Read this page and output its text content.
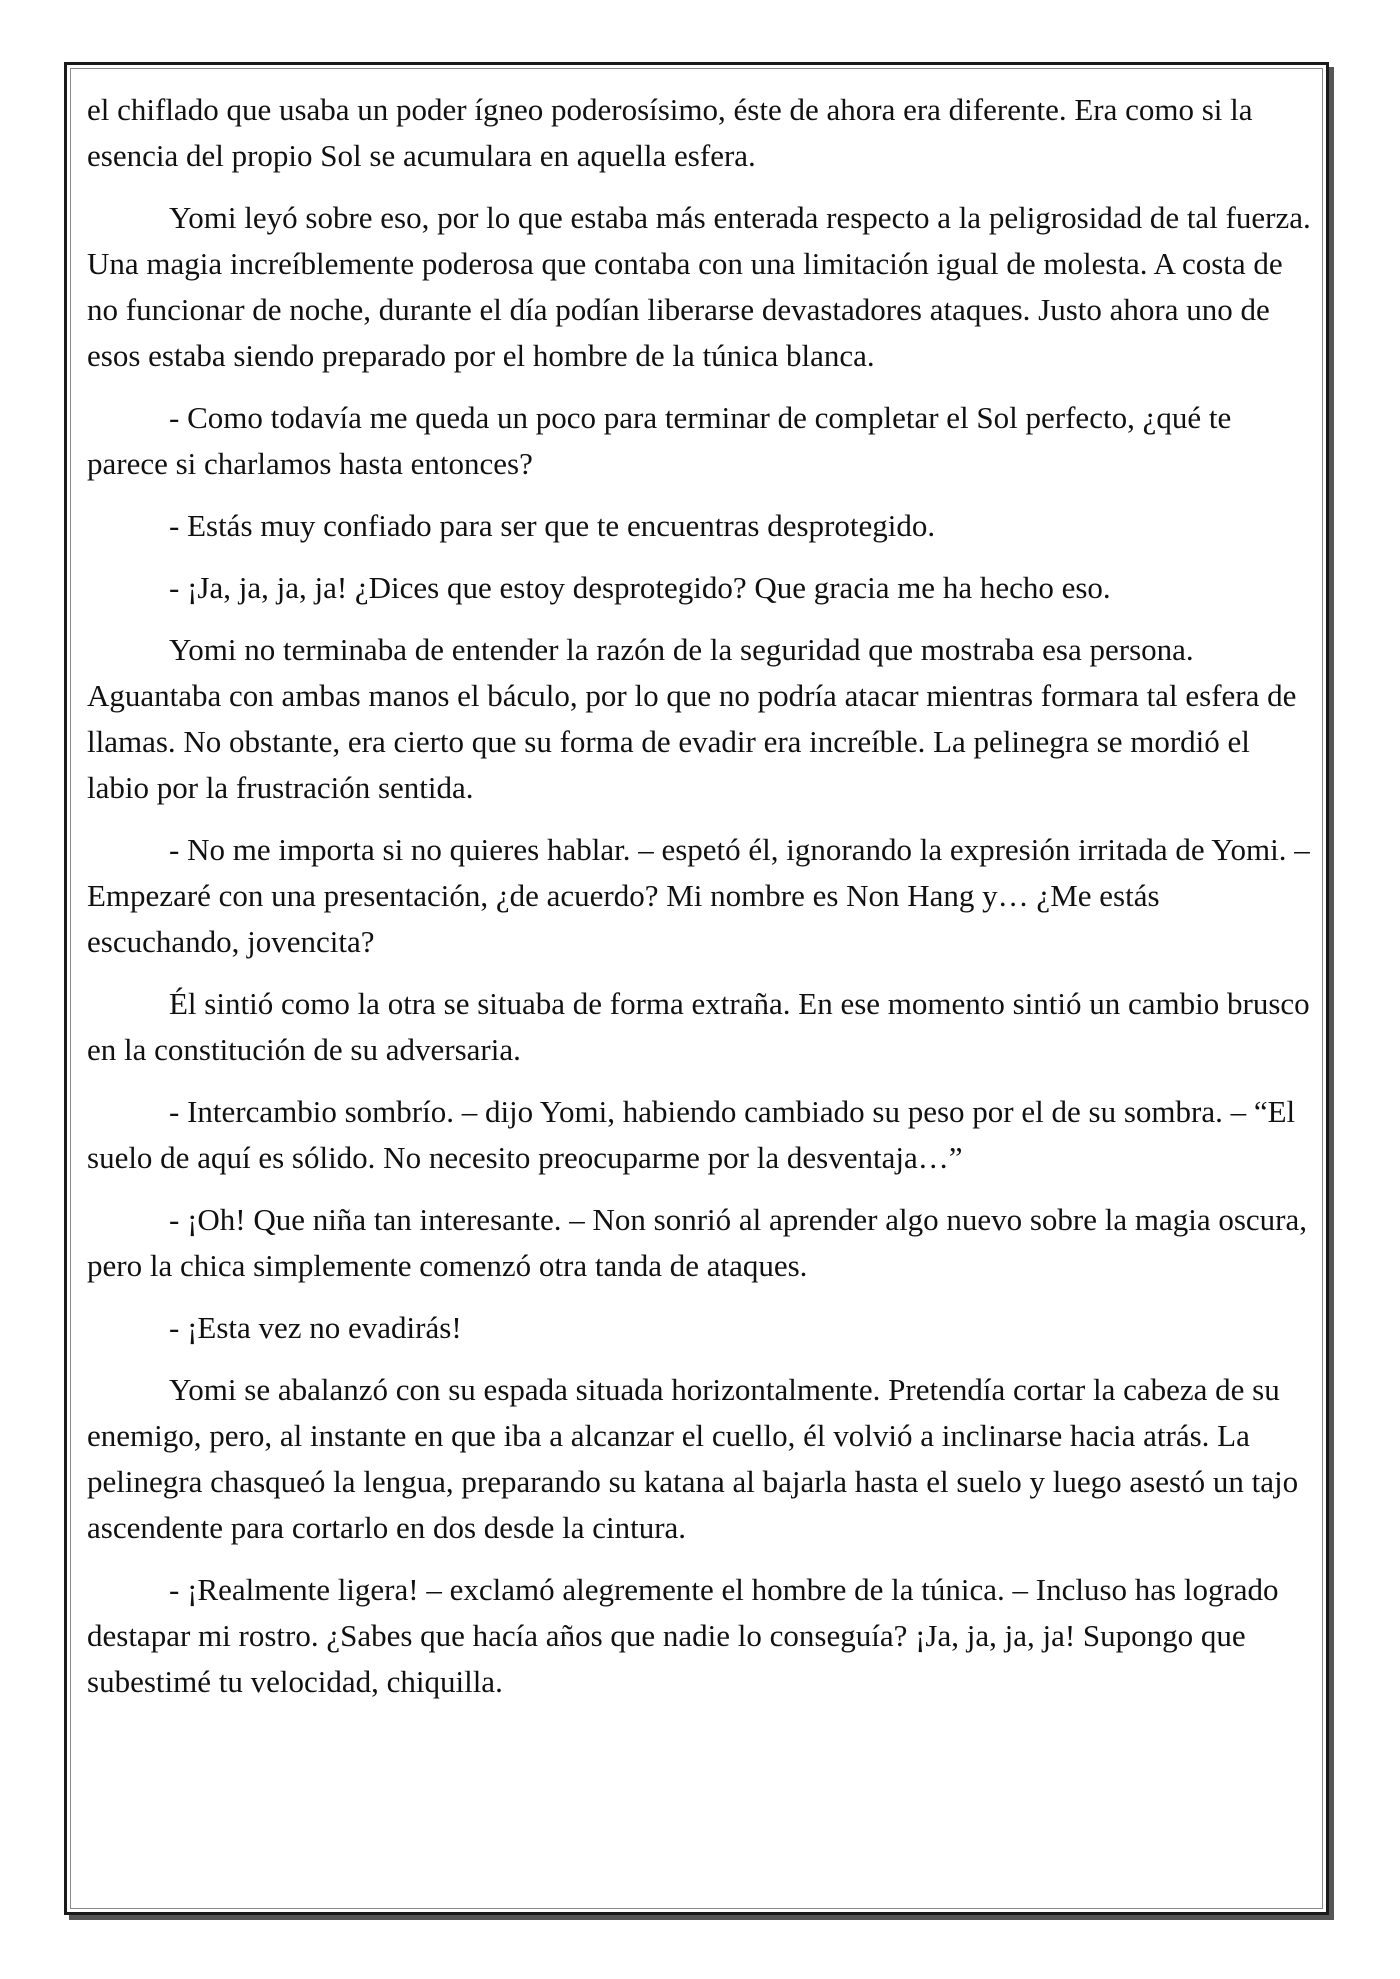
el chiflado que usaba un poder ígneo poderosísimo, éste de ahora era diferente. Era como si la esencia del propio Sol se acumulara en aquella esfera.

Yomi leyó sobre eso, por lo que estaba más enterada respecto a la peligrosidad de tal fuerza. Una magia increíblemente poderosa que contaba con una limitación igual de molesta. A costa de no funcionar de noche, durante el día podían liberarse devastadores ataques. Justo ahora uno de esos estaba siendo preparado por el hombre de la túnica blanca.

- Como todavía me queda un poco para terminar de completar el Sol perfecto, ¿qué te parece si charlamos hasta entonces?

- Estás muy confiado para ser que te encuentras desprotegido.

- ¡Ja, ja, ja, ja! ¿Dices que estoy desprotegido? Que gracia me ha hecho eso.

Yomi no terminaba de entender la razón de la seguridad que mostraba esa persona. Aguantaba con ambas manos el báculo, por lo que no podría atacar mientras formara tal esfera de llamas. No obstante, era cierto que su forma de evadir era increíble. La pelinegra se mordió el labio por la frustración sentida.

- No me importa si no quieres hablar. – espetó él, ignorando la expresión irritada de Yomi. – Empezaré con una presentación, ¿de acuerdo? Mi nombre es Non Hang y… ¿Me estás escuchando, jovencita?

Él sintió como la otra se situaba de forma extraña. En ese momento sintió un cambio brusco en la constitución de su adversaria.

- Intercambio sombrío. – dijo Yomi, habiendo cambiado su peso por el de su sombra. – “El suelo de aquí es sólido. No necesito preocuparme por la desventaja…”

- ¡Oh! Que niña tan interesante. – Non sonrió al aprender algo nuevo sobre la magia oscura, pero la chica simplemente comenzó otra tanda de ataques.

- ¡Esta vez no evadirás!

Yomi se abalanzó con su espada situada horizontalmente. Pretendía cortar la cabeza de su enemigo, pero, al instante en que iba a alcanzar el cuello, él volvió a inclinarse hacia atrás. La pelinegra chasqueó la lengua, preparando su katana al bajarla hasta el suelo y luego asestó un tajo ascendente para cortarlo en dos desde la cintura.

- ¡Realmente ligera! – exclamó alegremente el hombre de la túnica. – Incluso has logrado destapar mi rostro. ¿Sabes que hacía años que nadie lo conseguía? ¡Ja, ja, ja, ja! Supongo que subestimé tu velocidad, chiquilla.
